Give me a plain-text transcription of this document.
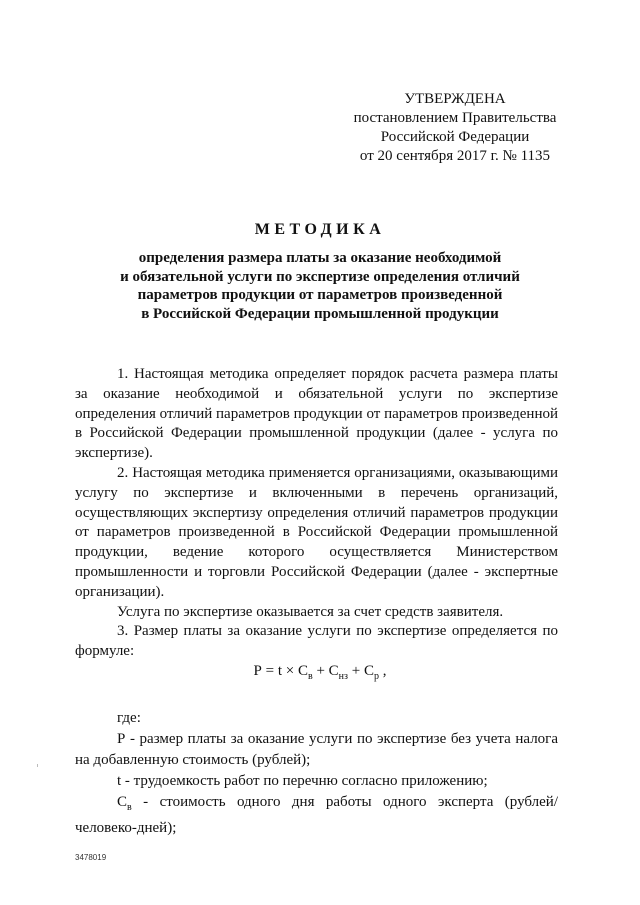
УТВЕРЖДЕНА
постановлением Правительства
Российской Федерации
от 20 сентября 2017 г. № 1135
МЕТОДИКА
определения размера платы за оказание необходимой
и обязательной услуги по экспертизе определения отличий
параметров продукции от параметров произведенной
в Российской Федерации промышленной продукции

1. Настоящая методика определяет порядок расчета размера платы за оказание необходимой и обязательной услуги по экспертизе определения отличий параметров продукции от параметров произведенной в Российской Федерации промышленной продукции (далее - услуга по экспертизе).

2. Настоящая методика применяется организациями, оказывающими услугу по экспертизе и включенными в перечень организаций, осуществляющих экспертизу определения отличий параметров продукции от параметров произведенной в Российской Федерации промышленной продукции, ведение которого осуществляется Министерством промышленности и торговли Российской Федерации (далее - экспертные организации).

Услуга по экспертизе оказывается за счет средств заявителя.

3. Размер платы за оказание услуги по экспертизе определяется по формуле:

$Р = t \times С_в + С_{нз} + С_р$ ,

где:

Р - размер платы за оказание услуги по экспертизе без учета налога на добавленную стоимость (рублей);

t - трудоемкость работ по перечню согласно приложению;

$С_в$ - стоимость одного дня работы одного эксперта (рублей/человеко-дней);

3478019
